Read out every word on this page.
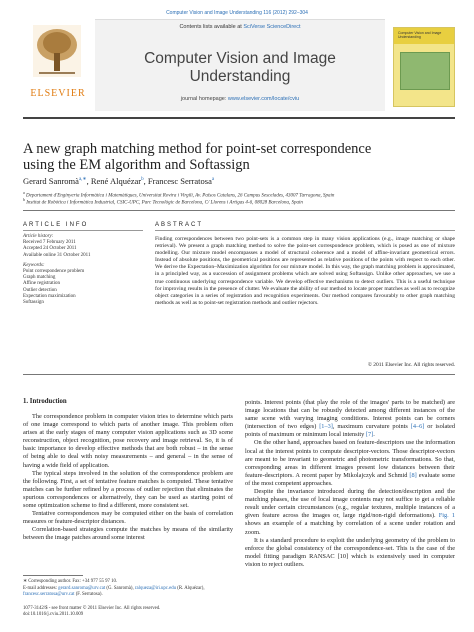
Computer Vision and Image Understanding 116 (2012) 292–304
ELSEVIER
Contents lists available at SciVerse ScienceDirect
Computer Vision and Image Understanding
journal homepage: www.elsevier.com/locate/cviu
Computer Vision and Image Understanding
A new graph matching method for point-set correspondence
using the EM algorithm and Softassign
Gerard Sanromà$^{a,∗}$, René Alquézar$^b$, Francesc Serratosa$^a$
$^a$ Departament d'Enginyeria Informàtica i Matemàtiques, Universitat Rovira i Virgili, Av. Països Catalans, 26 Campus Sescelades, 43007 Tarragona, Spain
$^b$ Institut de Robòtica i Informàtica Industrial, CSIC-UPC, Parc Tecnològic de Barcelona, C/ Llorens i Artigas 4-6, 08028 Barcelona, Spain
ARTICLE INFO	ABSTRACT
Article history:
Received 7 February 2011
Accepted 24 October 2011
Available online 31 October 2011
Keywords:
Point correspondence problem
Graph matching
Affine registration
Outlier detection
Expectation maximization
Softassign
Finding correspondences between two point-sets is a common step in many vision applications (e.g., image matching or shape retrieval). We present a graph matching method to solve the point-set correspondence problem, which is posed as one of mixture modelling. Our mixture model encompasses a model of structural coherence and a model of affine-invariant geometrical errors. Instead of absolute positions, the geometrical positions are represented as relative positions of the points with respect to each other. We derive the Expectation–Maximization algorithm for our mixture model. In this way, the graph matching problem is approximated, in a principled way, as a succession of assignment problems which are solved using Softassign. Unlike other approaches, we use a true continuous underlying correspondence variable. We develop effective mechanisms to detect outliers. This is a useful technique for improving results in the presence of clutter. We evaluate the ability of our method to locate proper matches as well as to recognize object categories in a series of registration and recognition experiments. Our method compares favourably to other graph matching methods as well as to point-set registration methods and outlier rejectors.
© 2011 Elsevier Inc. All rights reserved.
1. Introduction

The correspondence problem in computer vision tries to determine which parts of one image correspond to which parts of another image. This problem often arises at the early stages of many computer vision applications such as 3D scene reconstruction, object recognition, pose recovery and image retrieval. So, it is of basic importance to develop effective methods that are both robust – in the sense of being able to deal with noisy measurements – and general – in the sense of having a wide field of application.

The typical steps involved in the solution of the correspondence problem are the following. First, a set of tentative feature matches is computed. These tentative matches can be further refined by a process of outlier rejection that eliminates the spurious correspondences or alternatively, they can be used as starting point of some optimization scheme to find a different, more consistent set.

Tentative correspondences may be computed either on the basis of correlation measures or feature-descriptor distances.

Correlation-based strategies compute the matches by means of the similarity between the image patches around some interest

points. Interest points (that play the role of the images' parts to be matched) are image locations that can be robustly detected among different instances of the same scene with varying imaging conditions. Interest points can be corners (intersection of two edges) [1–3], maximum curvature points [4–6] or isolated points of maximum or minimum local intensity [7].

On the other hand, approaches based on feature-descriptors use the information local at the interest points to compute descriptor-vectors. Those descriptor-vectors are meant to be invariant to geometric and photometric transformations. So that, corresponding areas in different images present low distances between their feature-descriptors. A recent paper by Mikolajczyk and Schmid [8] evaluate some of the most competent approaches.

Despite the invariance introduced during the detection/description and the matching phases, the use of local image contents may not suffice to get a reliable result under certain circumstances (e.g., regular textures, multiple instances of a given feature across the images or, large rigid/non-rigid deformations). Fig. 1 shows an example of a matching by correlation of a scene under rotation and zoom.

It is a standard procedure to exploit the underlying geometry of the problem to enforce the global consistency of the correspondence-set. This is the case of the model fitting paradigm RANSAC [10] which is extensively used in computer vision to reject outliers.

∗ Corresponding author. Fax: +34 977 55 97 10.
E-mail addresses: gerard.sanroma@urv.cat (G. Sanromà), ralqueza@iri.upc.edu (R. Alquézar), francesc.serratosa@urv.cat (F. Serratosa).
1077-3142/$ - see front matter © 2011 Elsevier Inc. All rights reserved.
doi:10.1016/j.cviu.2011.10.009
